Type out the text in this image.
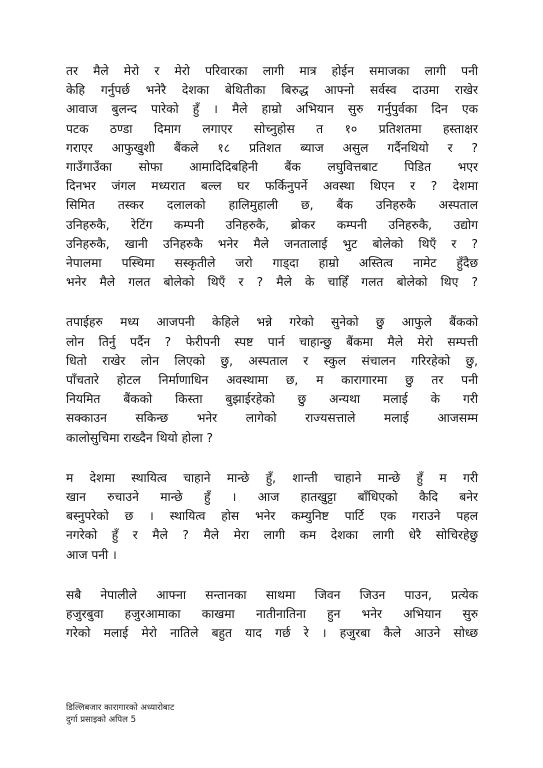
तर मैले मेरो र मेरो परिवारका लागी मात्र होईन समाजका लागी पनी
केहि गर्नुपर्छ भनेरै देशका बेथितीका बिरुद्ध आफ्नो सर्वस्व दाउमा राखेर
आवाज बुलन्द पारेको हुँ । मैले हाम्रो अभियान सुरु गर्नुपुर्वका दिन एक
पटक ठण्डा दिमाग लगाएर सोच्नुहोस त १० प्रतिशतमा हस्ताक्षर
गराएर आफुखुशी बैंकले १८ प्रतिशत ब्याज असुल गर्दैनथियो र ?
गाउँगाउँका सोफा आमादिदिबहिनी बैंक लघुवित्तबाट पिडित भएर
दिनभर जंगल मध्यरात बल्ल घर फर्किनुपर्ने अवस्था थिएन र ? देशमा
सिमित तस्कर दलालको हालिमुहाली छ, बैंक उनिहरुकै अस्पताल
उनिहरुकै, रेटिंग कम्पनी उनिहरुकै, ब्रोकर कम्पनी उनिहरुकै, उद्योग
उनिहरुकै, खानी उनिहरुकै भनेर मैले जनतालाई भुट बोलेको थिएँ र ?
नेपालमा पस्चिमा सस्कृतीले जरो गाड्दा हाम्रो अस्तित्व नामेट हुँदैछ
भनेर मैले गलत बोलेको थिएँ र ? मैले के चाहिँ गलत बोलेको थिए ?

तपाईहरु मध्य आजपनी केहिले भन्ने गरेको सुनेको छु आफुले बैंकको
लोन तिर्नु पर्दैन ? फेरीपनी स्पष्ट पार्न चाहान्छु बैंकमा मैले मेरो सम्पत्ती
धितो राखेर लोन लिएको छु, अस्पताल र स्कुल संचालन गरिरहेको छु,
पाँचतारे होटल निर्माणाधिन अवस्थामा छ, म कारागारमा छु तर पनी
नियमित बैंकको किस्ता बुझाईरहेको छु अन्यथा मलाई के गरी
सक्काउन सकिन्छ भनेर लागेको राज्यसत्ताले मलाई आजसम्म
कालोसुचिमा राख्दैन थियो होला ?

म देशमा स्थायित्व चाहाने मान्छे हुँ, शान्ती चाहाने मान्छे हुँ म गरी
खान रुचाउने मान्छे हुँ । आज हातखुट्टा बाँधिएको कैदि बनेर
बस्नुपरेको छ । स्थायित्व होस भनेर कम्युनिष्ट पार्टि एक गराउने पहल
नगरेको हुँ र मैले ? मैले मेरा लागी कम देशका लागी धेरै सोचिरहेछु
आज पनी ।

सबै नेपालीले आफ्ना सन्तानका साथमा जिवन जिउन पाउन, प्रत्येक
हजुरबुवा हजुरआमाका काखमा नातीनातिना हुन भनेर अभियान सुरु
गरेको मलाई मेरो नातिले बहुत याद गर्छ रे । हजुरबा कैले आउने सोध्छ

डिल्लिबजार कारागारको अध्यारोबाट
दुर्गा प्रसाइको अपिल 5
